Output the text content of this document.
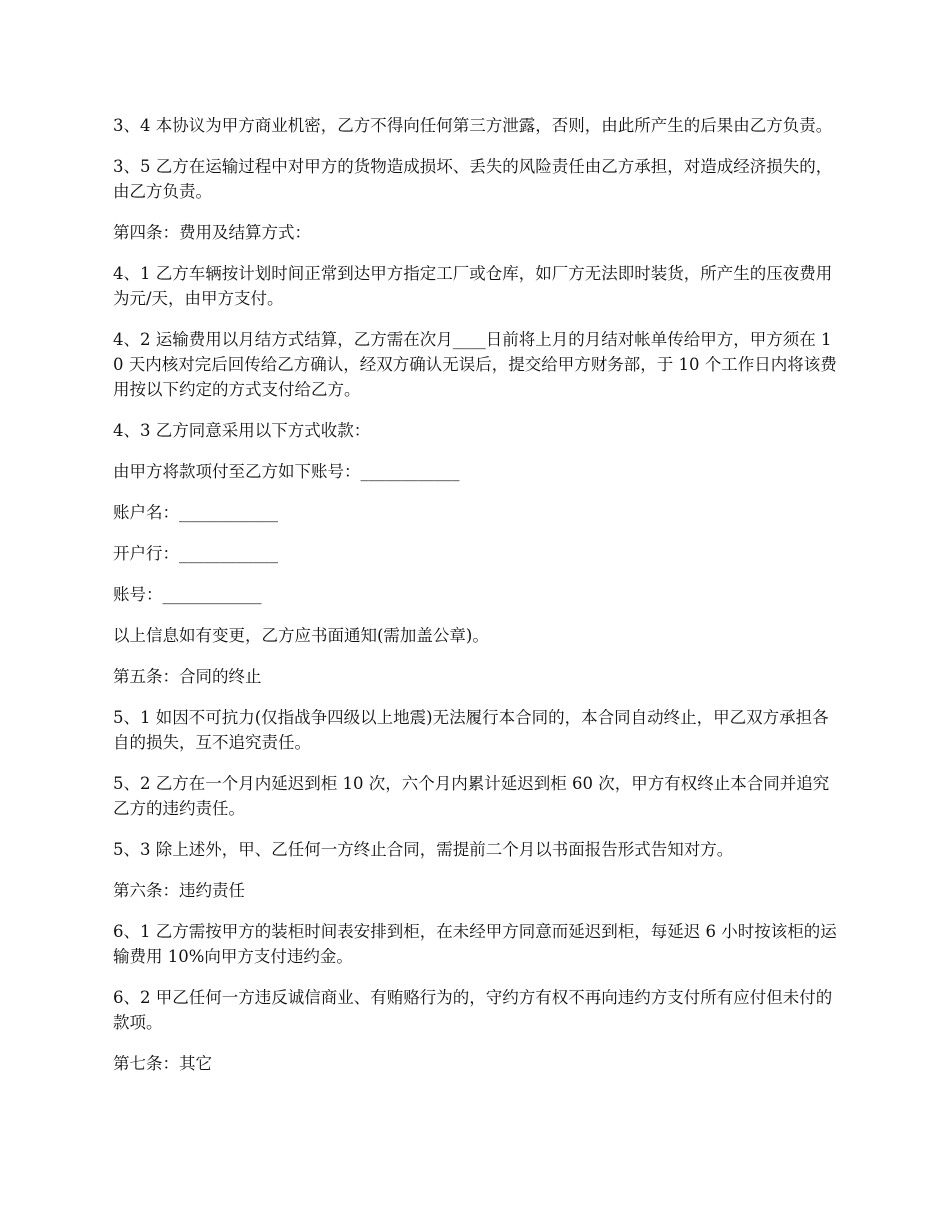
3、4 本协议为甲方商业机密，乙方不得向任何第三方泄露，否则，由此所产生的后果由乙方负责。

3、5 乙方在运输过程中对甲方的货物造成损坏、丢失的风险责任由乙方承担，对造成经济损失的，由乙方负责。

第四条：费用及结算方式：

4、1 乙方车辆按计划时间正常到达甲方指定工厂或仓库，如厂方无法即时装货，所产生的压夜费用为元/天，由甲方支付。

4、2 运输费用以月结方式结算，乙方需在次月____日前将上月的月结对帐单传给甲方，甲方须在 10 天内核对完后回传给乙方确认，经双方确认无误后，提交给甲方财务部，于 10 个工作日内将该费用按以下约定的方式支付给乙方。

4、3 乙方同意采用以下方式收款：

由甲方将款项付至乙方如下账号：____________

账户名：____________

开户行：____________

账号：____________

以上信息如有变更，乙方应书面通知(需加盖公章)。

第五条：合同的终止

5、1 如因不可抗力(仅指战争四级以上地震)无法履行本合同的，本合同自动终止，甲乙双方承担各自的损失，互不追究责任。

5、2 乙方在一个月内延迟到柜 10 次，六个月内累计延迟到柜 60 次，甲方有权终止本合同并追究乙方的违约责任。

5、3 除上述外，甲、乙任何一方终止合同，需提前二个月以书面报告形式告知对方。

第六条：违约责任

6、1 乙方需按甲方的装柜时间表安排到柜，在未经甲方同意而延迟到柜，每延迟 6 小时按该柜的运输费用 10%向甲方支付违约金。

6、2 甲乙任何一方违反诚信商业、有贿赂行为的，守约方有权不再向违约方支付所有应付但未付的款项。

第七条：其它
